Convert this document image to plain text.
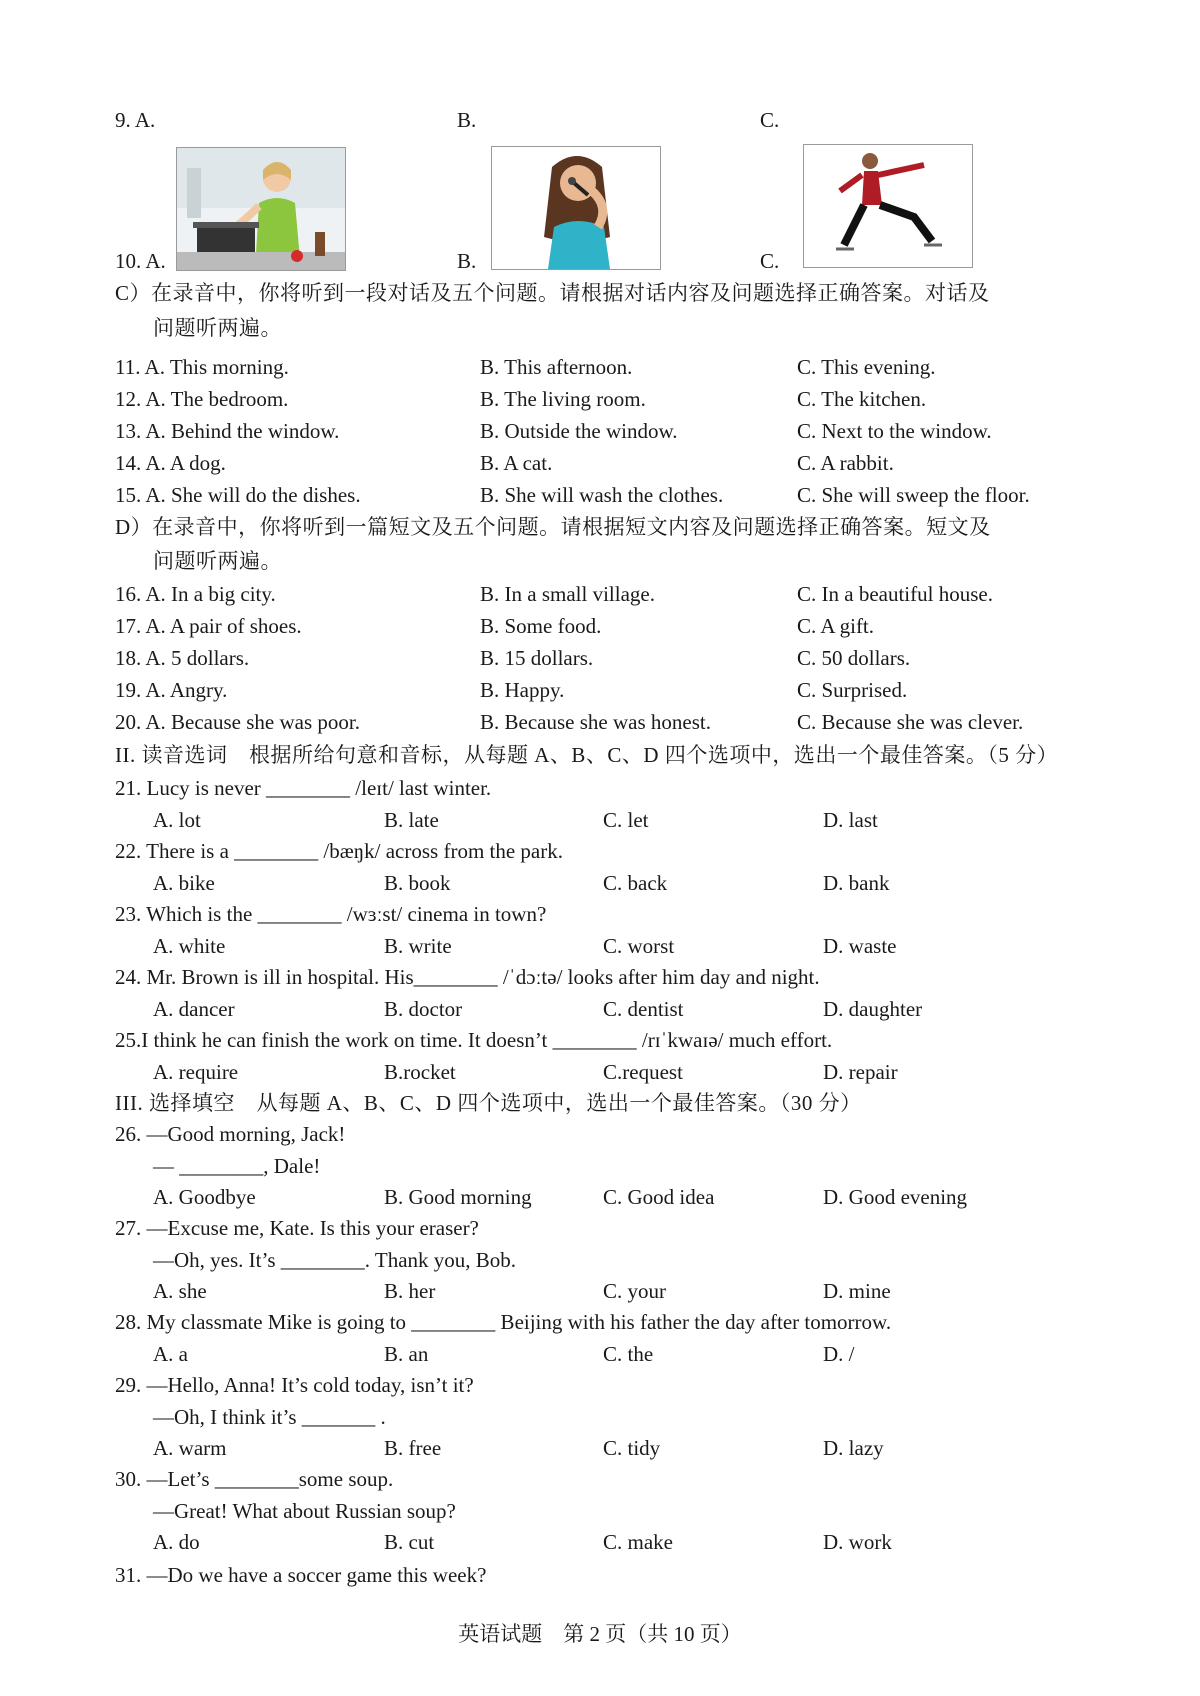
9. A.	B.	C.
10. A.	B.	C.
C）在录音中，你将听到一段对话及五个问题。请根据对话内容及问题选择正确答案。对话及
问题听两遍。
11. A. This morning.	B. This afternoon.	C. This evening.
12. A. The bedroom.	B. The living room.	C. The kitchen.
13. A. Behind the window.	B. Outside the window.	C. Next to the window.
14. A. A dog.	B. A cat.	C. A rabbit.
15. A. She will do the dishes.	B. She will wash the clothes.	C. She will sweep the floor.
D）在录音中，你将听到一篇短文及五个问题。请根据短文内容及问题选择正确答案。短文及
问题听两遍。
16. A. In a big city.	B. In a small village.	C. In a beautiful house.
17. A. A pair of shoes.	B. Some food.	C. A gift.
18. A. 5 dollars.	B. 15 dollars.	C. 50 dollars.
19. A. Angry.	B. Happy.	C. Surprised.
20. A. Because she was poor.	B. Because she was honest.	C. Because she was clever.
II. 读音选词　根据所给句意和音标，从每题 A、B、C、D 四个选项中，选出一个最佳答案。（5 分）
21. Lucy is never ________ /leɪt/ last winter.
A. lot	B. late	C. let	D. last
22. There is a ________ /bæŋk/ across from the park.
A. bike	B. book	C. back	D. bank
23. Which is the ________ /wɜːst/ cinema in town?
A. white	B. write	C. worst	D. waste
24. Mr. Brown is ill in hospital. His________ /ˈdɔːtə/ looks after him day and night.
A. dancer	B. doctor	C. dentist	D. daughter
25.I think he can finish the work on time. It doesn’t ________ /rɪˈkwaɪə/ much effort.
A. require	B.rocket	C.request	D. repair
III. 选择填空　从每题 A、B、C、D 四个选项中，选出一个最佳答案。（30 分）
26. —Good morning, Jack!
— ________, Dale!
A. Goodbye	B. Good morning	C. Good idea	D. Good evening
27. —Excuse me, Kate. Is this your eraser?
—Oh, yes. It’s ________. Thank you, Bob.
A. she	B. her	C. your	D. mine
28. My classmate Mike is going to ________ Beijing with his father the day after tomorrow.
A. a	B. an	C. the	D. /
29. —Hello, Anna! It’s cold today, isn’t it?
—Oh, I think it’s _______ .
A. warm	B. free	C. tidy	D. lazy
30. —Let’s ________some soup.
—Great! What about Russian soup?
A. do	B. cut	C. make	D. work
31. —Do we have a soccer game this week?
英语试题　第 2 页（共 10 页）
